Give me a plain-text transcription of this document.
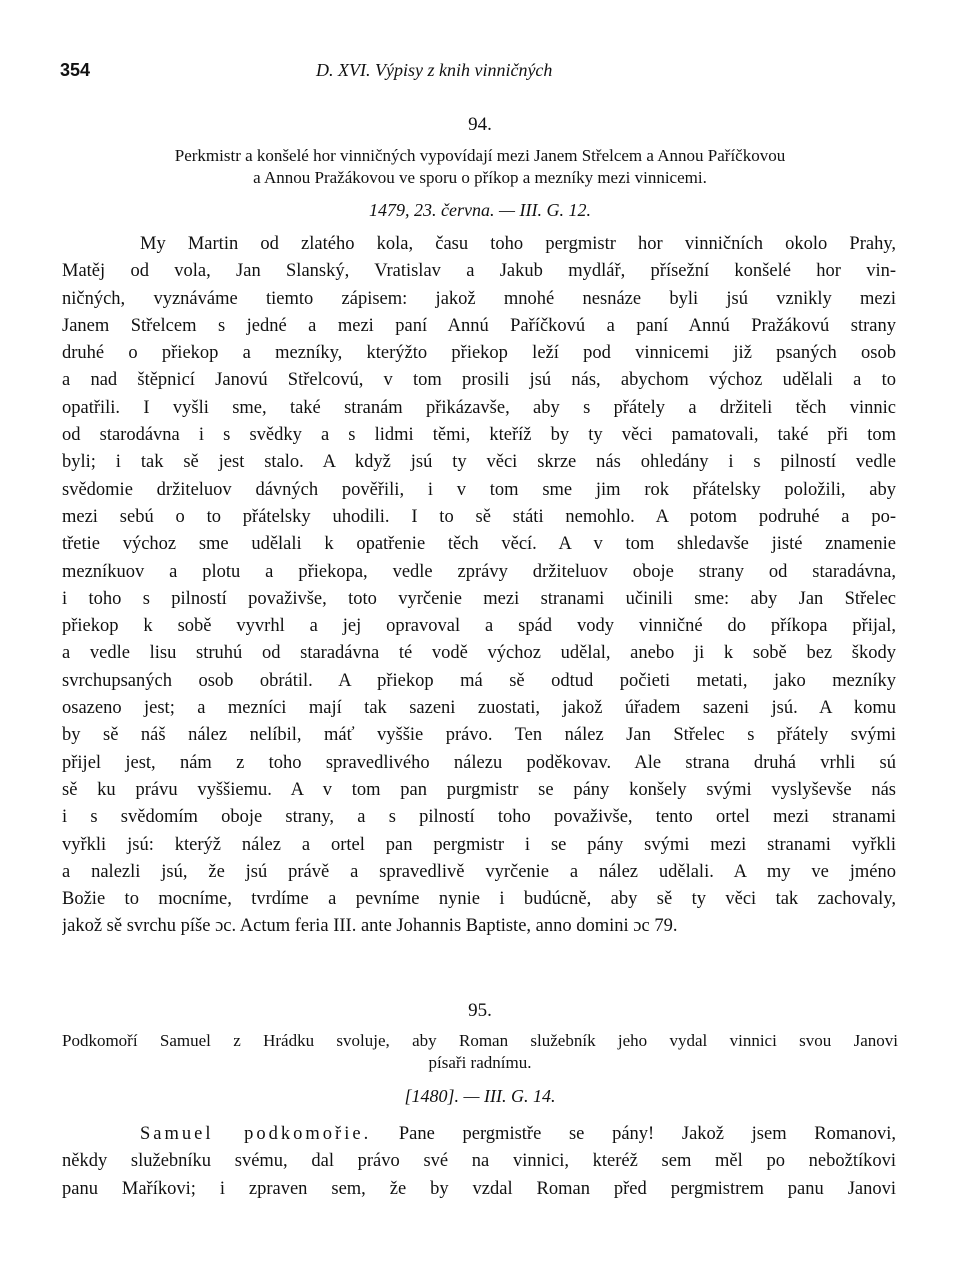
354	D. XVI. Výpisy z knih vinničných
94.
Perkmistr a konšelé hor vinničných vypovídají mezi Janem Střelcem a Annou Paříčkovou
a Annou Pražákovou ve sporu o příkop a mezníky mezi vinnicemi.
1479, 23. června. — III. G. 12.
My Martin od zlatého kola, času toho pergmistr hor vinničních okolo Prahy,
Matěj od vola, Jan Slanský, Vratislav a Jakub mydlář, přísežní konšelé hor vin-
ničných, vyznáváme tiemto zápisem: jakož mnohé nesnáze byli jsú vznikly mezi
Janem Střelcem s jedné a mezi paní Annú Paříčkovú a paní Annú Pražákovú strany
druhé o přiekop a mezníky, kterýžto přiekop leží pod vinnicemi již psaných osob
a nad štěpnicí Janovú Střelcovú, v tom prosili jsú nás, abychom výchoz udělali a to
opatřili. I vyšli sme, také stranám přikázavše, aby s přátely a držiteli těch vinnic
od starodávna i s svědky a s lidmi těmi, kteříž by ty věci pamatovali, také při tom
byli; i tak sě jest stalo. A když jsú ty věci skrze nás ohledány i s pilností vedle
svědomie držiteluov dávných pověřili, i v tom sme jim rok přátelsky položili, aby
mezi sebú o to přátelsky uhodili. I to sě státi nemohlo. A potom podruhé a po-
třetie výchoz sme udělali k opatřenie těch věcí. A v tom shledavše jisté znamenie
mezníkuov a plotu a přiekopa, vedle zprávy držiteluov oboje strany od staradávna,
i toho s pilností považivše, toto vyrčenie mezi stranami učinili sme: aby Jan Střelec
přiekop k sobě vyvrhl a jej opravoval a spád vody vinničné do příkopa přijal,
a vedle lisu struhú od staradávna té vodě výchoz udělal, anebo ji k sobě bez škody
svrchupsaných osob obrátil. A přiekop má sě odtud počieti metati, jako mezníky
osazeno jest; a mezníci mají tak sazeni zuostati, jakož úřadem sazeni jsú. A komu
by sě náš nález nelíbil, máť vyššie právo. Ten nález Jan Střelec s přátely svými
přijel jest, nám z toho spravedlivého nálezu poděkovav. Ale strana druhá vrhli sú
sě ku právu vyššiemu. A v tom pan purgmistr se pány konšely svými vyslyševše nás
i s svědomím oboje strany, a s pilností toho považivše, tento ortel mezi stranami
vyřkli jsú: kterýž nález a ortel pan pergmistr i se pány svými mezi stranami vyřkli
a nalezli jsú, že jsú právě a spravedlivě vyrčenie a nález udělali. A my ve jméno
Božie to mocníme, tvrdíme a pevníme nynie i budúcně, aby sě ty věci tak zachovaly,
jakož sě svrchu píše ɔc. Actum feria III. ante Johannis Baptiste, anno domini ɔc 79.
95.
Podkomoří Samuel z Hrádku svoluje, aby Roman služebník jeho vydal vinnici svou Janovi
písaři radnímu.
[1480]. — III. G. 14.
Samuel podkomořie. Pane pergmistře se pány! Jakož jsem Romanovi,
někdy služebníku svému, dal právo své na vinnici, kteréž sem měl po nebožtíkovi
panu Maříkovi; i zpraven sem, že by vzdal Roman před pergmistrem panu Janovi
